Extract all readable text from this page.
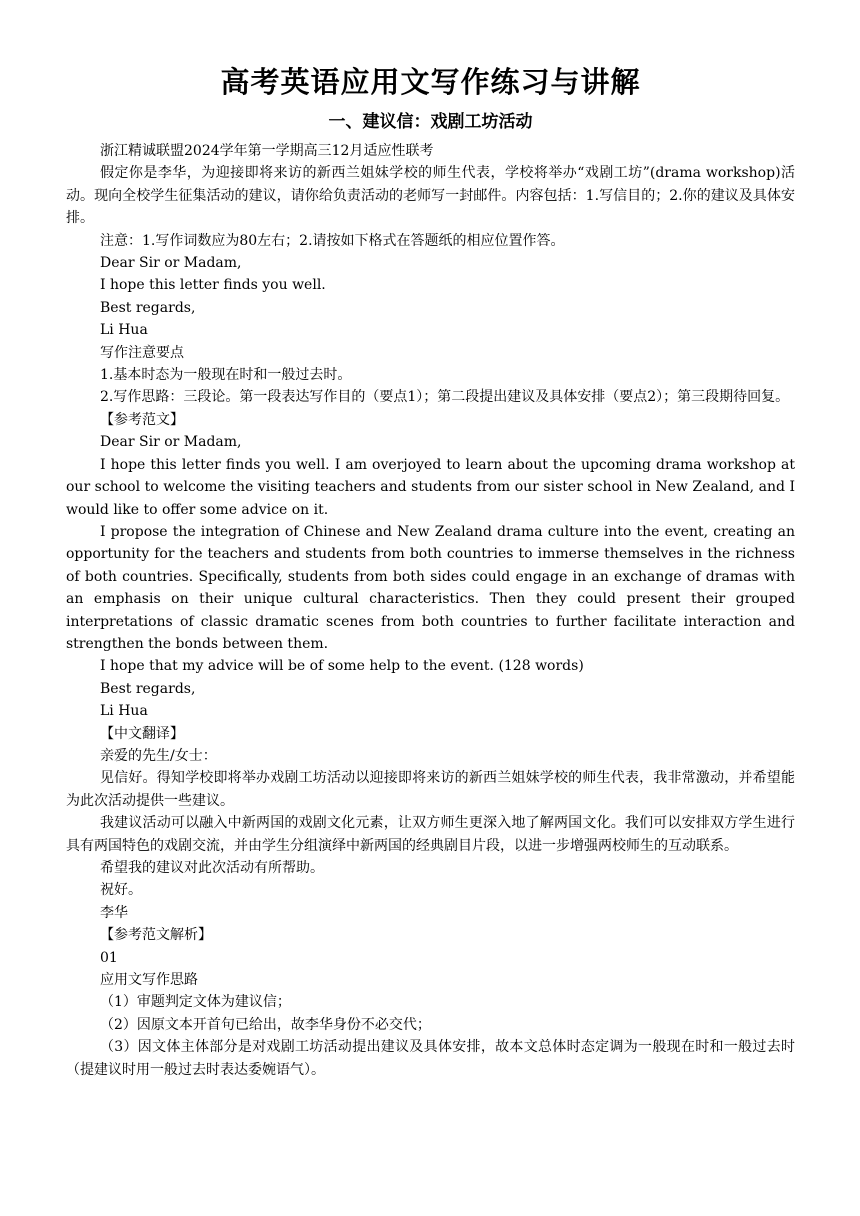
高考英语应用文写作练习与讲解
一、建议信：戏剧工坊活动

浙江精诚联盟2024学年第一学期高三12月适应性联考

假定你是李华，为迎接即将来访的新西兰姐妹学校的师生代表，学校将举办“戏剧工坊”(drama workshop)活动。现向全校学生征集活动的建议，请你给负责活动的老师写一封邮件。内容包括：1.写信目的；2.你的建议及具体安排。

注意：1.写作词数应为80左右；2.请按如下格式在答题纸的相应位置作答。

Dear Sir or Madam,

I hope this letter finds you well.

Best regards,

Li Hua

写作注意要点

1.基本时态为一般现在时和一般过去时。

2.写作思路：三段论。第一段表达写作目的（要点1）；第二段提出建议及具体安排（要点2）；第三段期待回复。

【参考范文】

Dear Sir or Madam,

I hope this letter finds you well. I am overjoyed to learn about the upcoming drama workshop at our school to welcome the visiting teachers and students from our sister school in New Zealand, and I would like to offer some advice on it.

I propose the integration of Chinese and New Zealand drama culture into the event, creating an opportunity for the teachers and students from both countries to immerse themselves in the richness of both countries. Specifically, students from both sides could engage in an exchange of dramas with an emphasis on their unique cultural characteristics. Then they could present their grouped interpretations of classic dramatic scenes from both countries to further facilitate interaction and strengthen the bonds between them.

I hope that my advice will be of some help to the event. (128 words)

Best regards,

Li Hua

【中文翻译】

亲爱的先生/女士：

见信好。得知学校即将举办戏剧工坊活动以迎接即将来访的新西兰姐妹学校的师生代表，我非常激动，并希望能为此次活动提供一些建议。

我建议活动可以融入中新两国的戏剧文化元素，让双方师生更深入地了解两国文化。我们可以安排双方学生进行具有两国特色的戏剧交流，并由学生分组演绎中新两国的经典剧目片段，以进一步增强两校师生的互动联系。

希望我的建议对此次活动有所帮助。

祝好。

李华

【参考范文解析】

01

应用文写作思路

（1）审题判定文体为建议信；

（2）因原文本开首句已给出，故李华身份不必交代；

（3）因文体主体部分是对戏剧工坊活动提出建议及具体安排，故本文总体时态定调为一般现在时和一般过去时（提建议时用一般过去时表达委婉语气）。
